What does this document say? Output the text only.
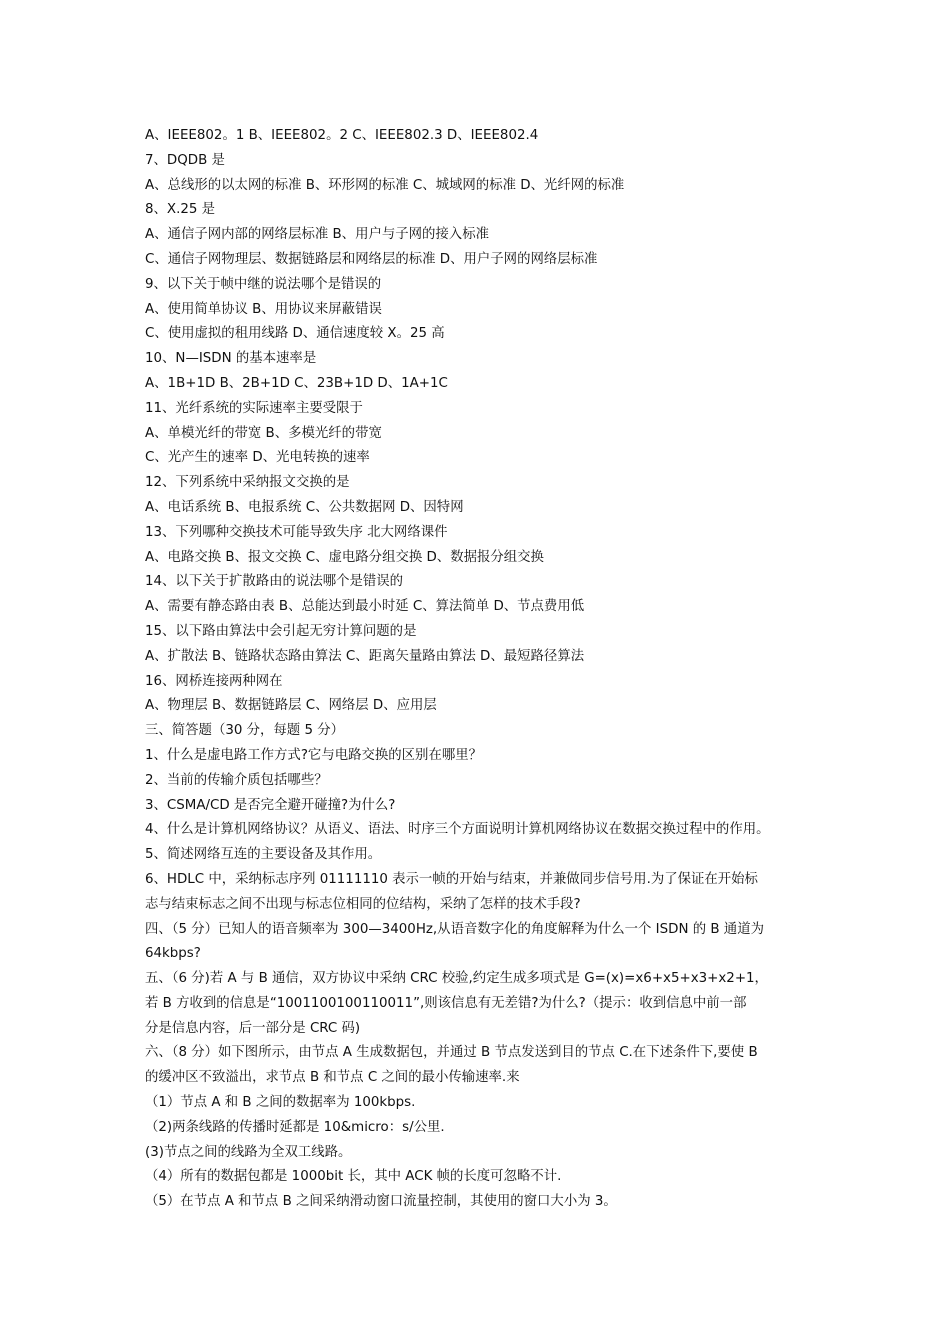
A、IEEE802。1 B、IEEE802。2 C、IEEE802.3 D、IEEE802.4
7、DQDB 是
A、总线形的以太网的标准 B、环形网的标准 C、城域网的标准 D、光纤网的标准
8、X.25 是
A、通信子网内部的网络层标准 B、用户与子网的接入标准
C、通信子网物理层、数据链路层和网络层的标准 D、用户子网的网络层标准
9、以下关于帧中继的说法哪个是错误的
A、使用简单协议 B、用协议来屏蔽错误
C、使用虚拟的租用线路 D、通信速度较 X。25 高
10、N—ISDN 的基本速率是
A、1B+1D B、2B+1D C、23B+1D D、1A+1C
11、光纤系统的实际速率主要受限于
A、单模光纤的带宽 B、多模光纤的带宽
C、光产生的速率 D、光电转换的速率
12、下列系统中采纳报文交换的是
A、电话系统 B、电报系统 C、公共数据网 D、因特网
13、下列哪种交换技术可能导致失序 北大网络课件
A、电路交换 B、报文交换 C、虚电路分组交换 D、数据报分组交换
14、以下关于扩散路由的说法哪个是错误的
A、需要有静态路由表 B、总能达到最小时延 C、算法简单 D、节点费用低
15、以下路由算法中会引起无穷计算问题的是
A、扩散法 B、链路状态路由算法 C、距离矢量路由算法 D、最短路径算法
16、网桥连接两种网在
A、物理层 B、数据链路层 C、网络层 D、应用层
三、简答题（30 分，每题 5 分）
1、什么是虚电路工作方式?它与电路交换的区别在哪里？
2、当前的传输介质包括哪些？
3、CSMA/CD 是否完全避开碰撞?为什么?
4、什么是计算机网络协议？从语义、语法、时序三个方面说明计算机网络协议在数据交换过程中的作用。
5、简述网络互连的主要设备及其作用。
6、HDLC 中，采纳标志序列 01111110 表示一帧的开始与结束，并兼做同步信号用.为了保证在开始标
志与结束标志之间不出现与标志位相同的位结构，采纳了怎样的技术手段?
四、（5 分）已知人的语音频率为 300—3400Hz,从语音数字化的角度解释为什么一个 ISDN 的 B 通道为
64kbps?
五、（6 分)若 A 与 B 通信，双方协议中采纳 CRC 校验,约定生成多项式是 G=(x)=x6+x5+x3+x2+1，
若 B 方收到的信息是“1001100100110011”,则该信息有无差错?为什么?（提示：收到信息中前一部
分是信息内容，后一部分是 CRC 码)
六、（8 分）如下图所示，由节点 A 生成数据包，并通过 B 节点发送到目的节点 C.在下述条件下,要使 B
的缓冲区不致溢出，求节点 B 和节点 C 之间的最小传输速率.来
（1）节点 A 和 B 之间的数据率为 100kbps.
（2)两条线路的传播时延都是 10&micro：s/公里.
(3)节点之间的线路为全双工线路。
（4）所有的数据包都是 1000bit 长，其中 ACK 帧的长度可忽略不计.
（5）在节点 A 和节点 B 之间采纳滑动窗口流量控制，其使用的窗口大小为 3。
